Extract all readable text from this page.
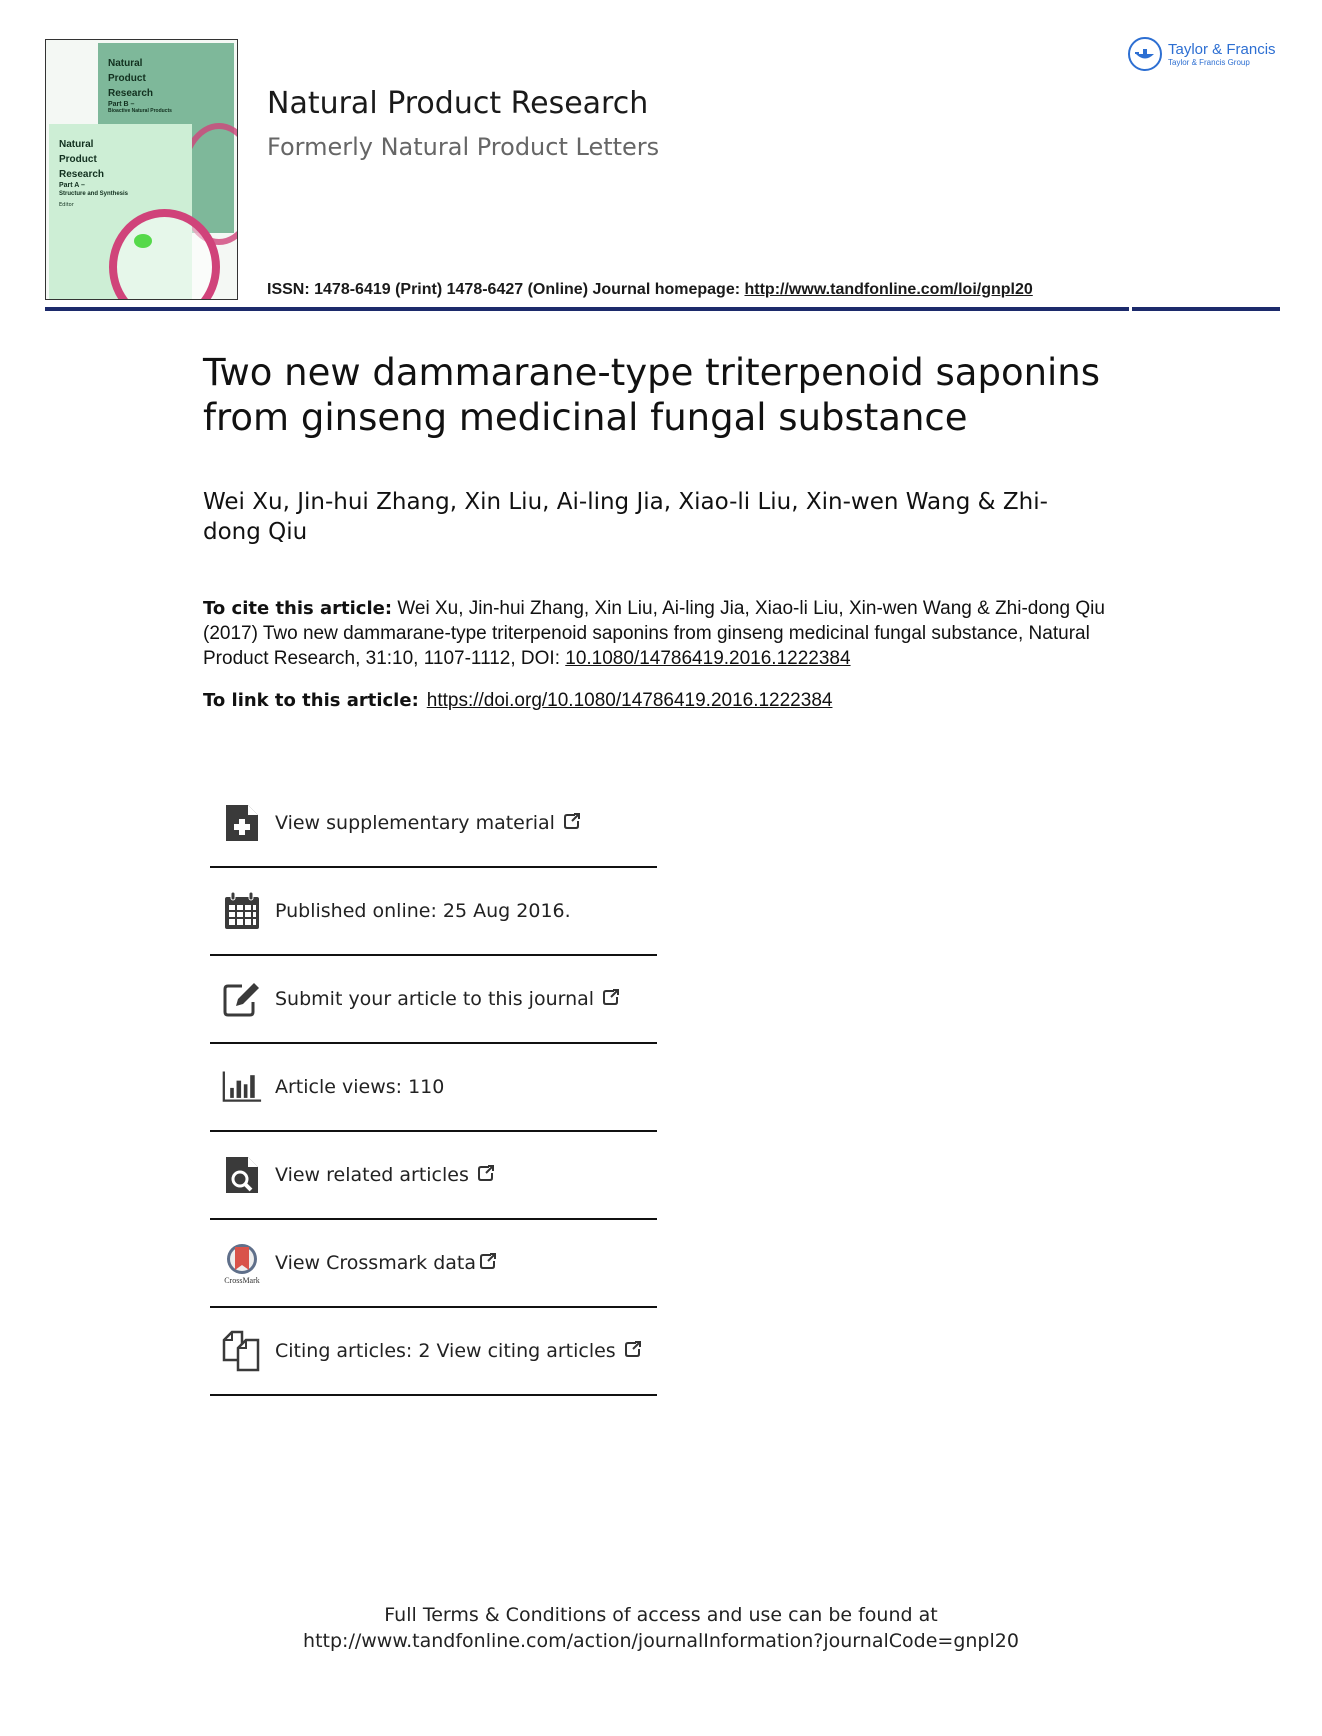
Natural
Product
Research
Part B –
Bioactive Natural Products

Natural
Product
Research
Part A –
Structure and Synthesis
Editor
Taylor & Francis
Taylor & Francis Group
Natural Product Research
Formerly Natural Product Letters
ISSN: 1478-6419 (Print) 1478-6427 (Online) Journal homepage: http://www.tandfonline.com/loi/gnpl20
Two new dammarane-type triterpenoid saponins from ginseng medicinal fungal substance
Wei Xu, Jin-hui Zhang, Xin Liu, Ai-ling Jia, Xiao-li Liu, Xin-wen Wang & Zhi-dong Qiu
To cite this article: Wei Xu, Jin-hui Zhang, Xin Liu, Ai-ling Jia, Xiao-li Liu, Xin-wen Wang & Zhi-dong Qiu (2017) Two new dammarane-type triterpenoid saponins from ginseng medicinal fungal substance, Natural Product Research, 31:10, 1107-1112, DOI: 10.1080/14786419.2016.1222384
To link to this article: https://doi.org/10.1080/14786419.2016.1222384
View supplementary material
Published online: 25 Aug 2016.
Submit your article to this journal
Article views: 110
View related articles
CrossMark
View Crossmark data
Citing articles: 2 View citing articles
Full Terms & Conditions of access and use can be found at
http://www.tandfonline.com/action/journalInformation?journalCode=gnpl20
